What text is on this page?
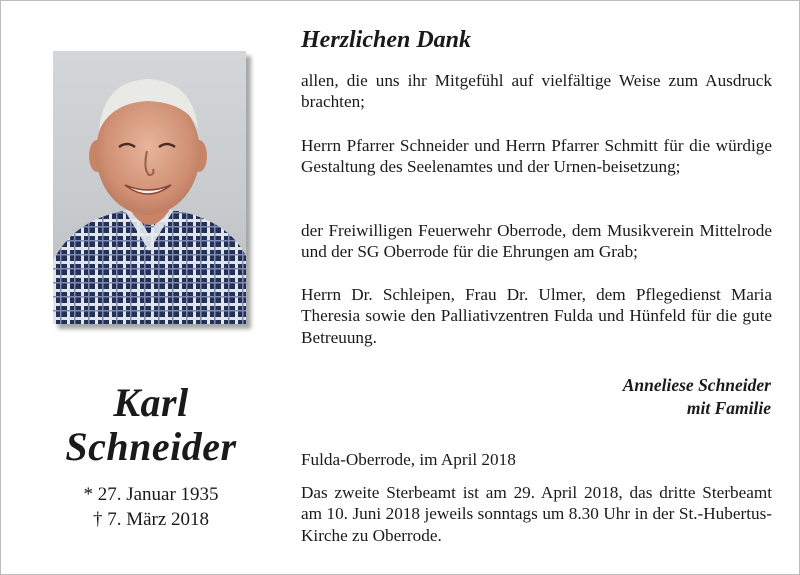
Karl
Schneider
* 27. Januar 1935
† 7. März 2018
Herzlichen Dank
allen, die uns ihr Mitgefühl auf vielfältige Weise zum Ausdruck brachten;
Herrn Pfarrer Schneider und Herrn Pfarrer Schmitt für die würdige Gestaltung des Seelenamtes und der Urnen-beisetzung;
der Freiwilligen Feuerwehr Oberrode, dem Musikverein Mittelrode und der SG Oberrode für die Ehrungen am Grab;
Herrn Dr. Schleipen, Frau Dr. Ulmer, dem Pflegedienst Maria Theresia sowie den Palliativzentren Fulda und Hünfeld für die gute Betreuung.
Anneliese Schneider
mit Familie
Fulda-Oberrode, im April 2018
Das zweite Sterbeamt ist am 29. April 2018, das dritte Sterbeamt am 10. Juni 2018 jeweils sonntags um 8.30 Uhr in der St.-Hubertus-Kirche zu Oberrode.
